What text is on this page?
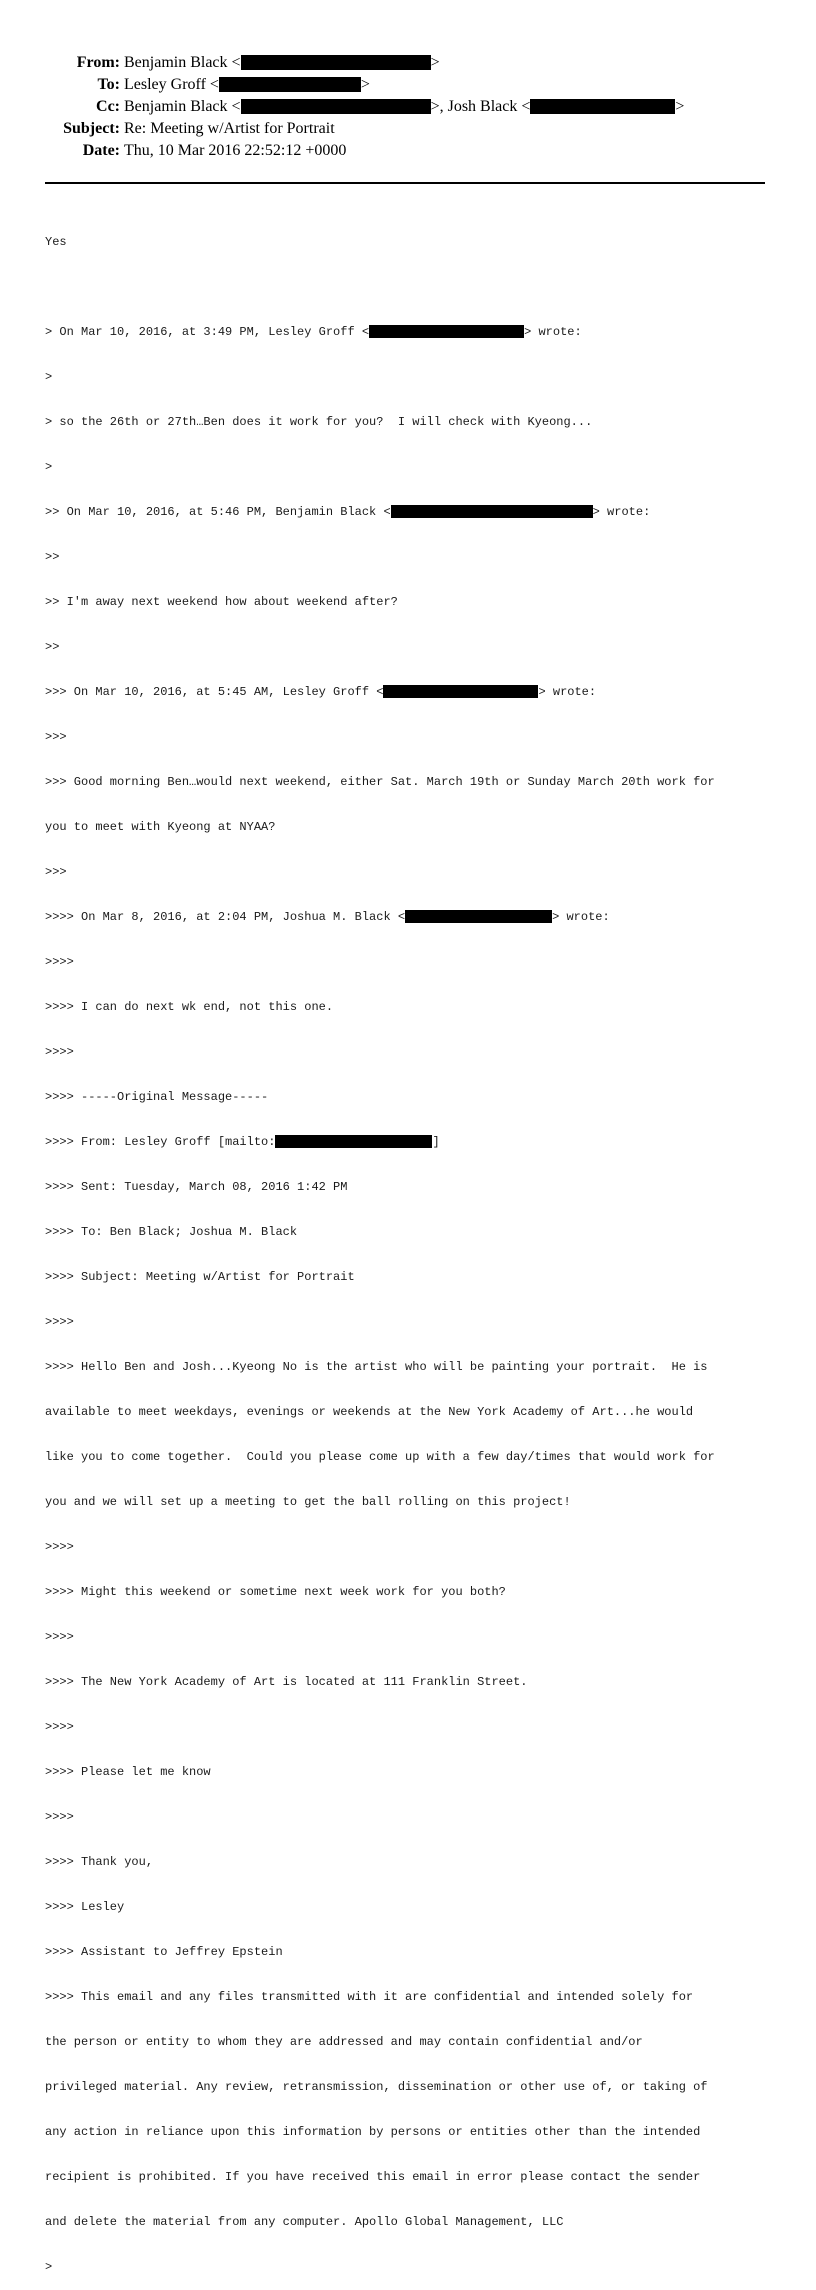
From: Benjamin Black <	>
To: Lesley Groff <	>
Cc: Benjamin Black <	>, Josh Black <	>
Subject: Re: Meeting w/Artist for Portrait
Date: Thu, 10 Mar 2016 22:52:12 +0000

Yes

> On Mar 10, 2016, at 3:49 PM, Lesley Groff <	> wrote:

>

> so the 26th or 27th…Ben does it work for you?  I will check with Kyeong...

>

>> On Mar 10, 2016, at 5:46 PM, Benjamin Black <	> wrote:

>>

>> I'm away next weekend how about weekend after?

>>

>>> On Mar 10, 2016, at 5:45 AM, Lesley Groff <	> wrote:

>>>

>>> Good morning Ben…would next weekend, either Sat. March 19th or Sunday March 20th work for

you to meet with Kyeong at NYAA?

>>>

>>>> On Mar 8, 2016, at 2:04 PM, Joshua M. Black <	> wrote:

>>>>

>>>> I can do next wk end, not this one.

>>>>

>>>> -----Original Message-----

>>>> From: Lesley Groff [mailto:	]

>>>> Sent: Tuesday, March 08, 2016 1:42 PM

>>>> To: Ben Black; Joshua M. Black

>>>> Subject: Meeting w/Artist for Portrait

>>>>

>>>> Hello Ben and Josh...Kyeong No is the artist who will be painting your portrait.  He is

available to meet weekdays, evenings or weekends at the New York Academy of Art...he would

like you to come together.  Could you please come up with a few day/times that would work for

you and we will set up a meeting to get the ball rolling on this project!

>>>>

>>>> Might this weekend or sometime next week work for you both?

>>>>

>>>> The New York Academy of Art is located at 111 Franklin Street.

>>>>

>>>> Please let me know

>>>>

>>>> Thank you,

>>>> Lesley

>>>> Assistant to Jeffrey Epstein

>>>> This email and any files transmitted with it are confidential and intended solely for

the person or entity to whom they are addressed and may contain confidential and/or

privileged material. Any review, retransmission, dissemination or other use of, or taking of

any action in reliance upon this information by persons or entities other than the intended

recipient is prohibited. If you have received this email in error please contact the sender

and delete the material from any computer. Apollo Global Management, LLC

>
